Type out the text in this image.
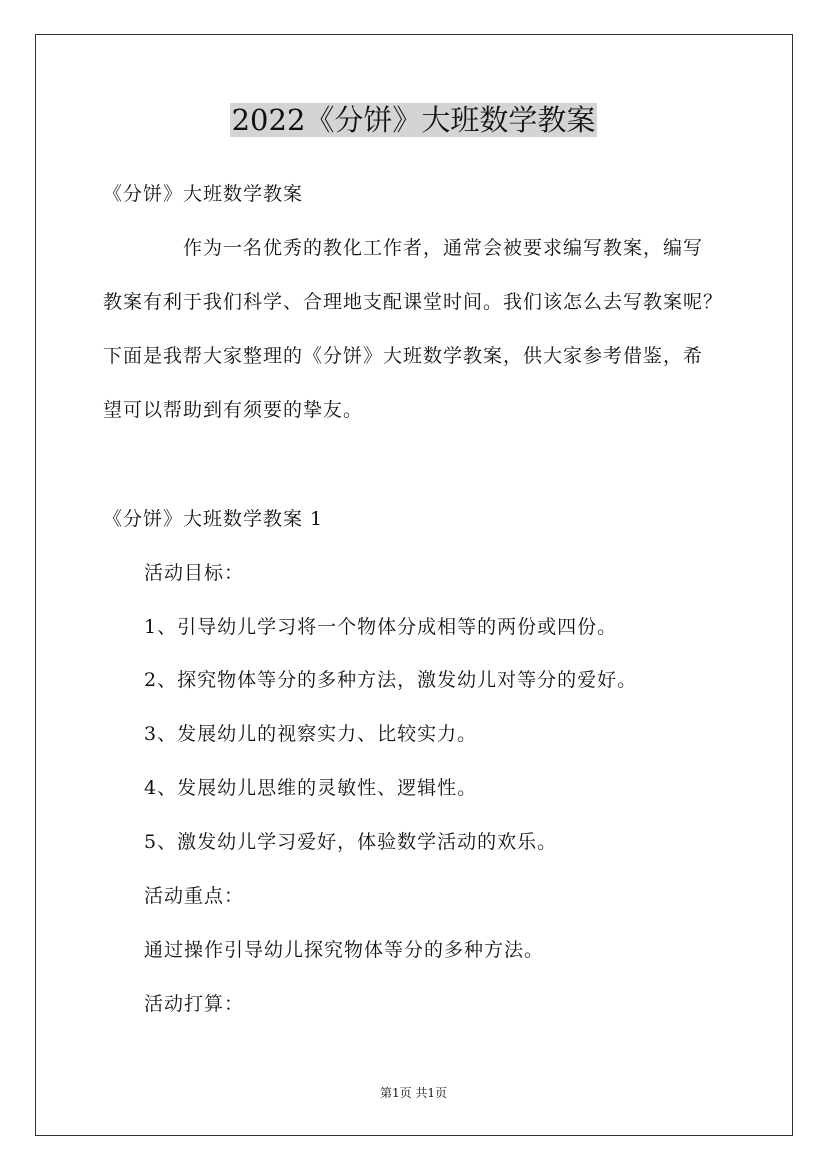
2022《分饼》大班数学教案
《分饼》大班数学教案
作为一名优秀的教化工作者，通常会被要求编写教案，编写
教案有利于我们科学、合理地支配课堂时间。我们该怎么去写教案呢？
下面是我帮大家整理的《分饼》大班数学教案，供大家参考借鉴，希
望可以帮助到有须要的挚友。
《分饼》大班数学教案 1
活动目标：
1、引导幼儿学习将一个物体分成相等的两份或四份。
2、探究物体等分的多种方法，激发幼儿对等分的爱好。
3、发展幼儿的视察实力、比较实力。
4、发展幼儿思维的灵敏性、逻辑性。
5、激发幼儿学习爱好，体验数学活动的欢乐。
活动重点：
通过操作引导幼儿探究物体等分的多种方法。
活动打算：
第1页 共1页
